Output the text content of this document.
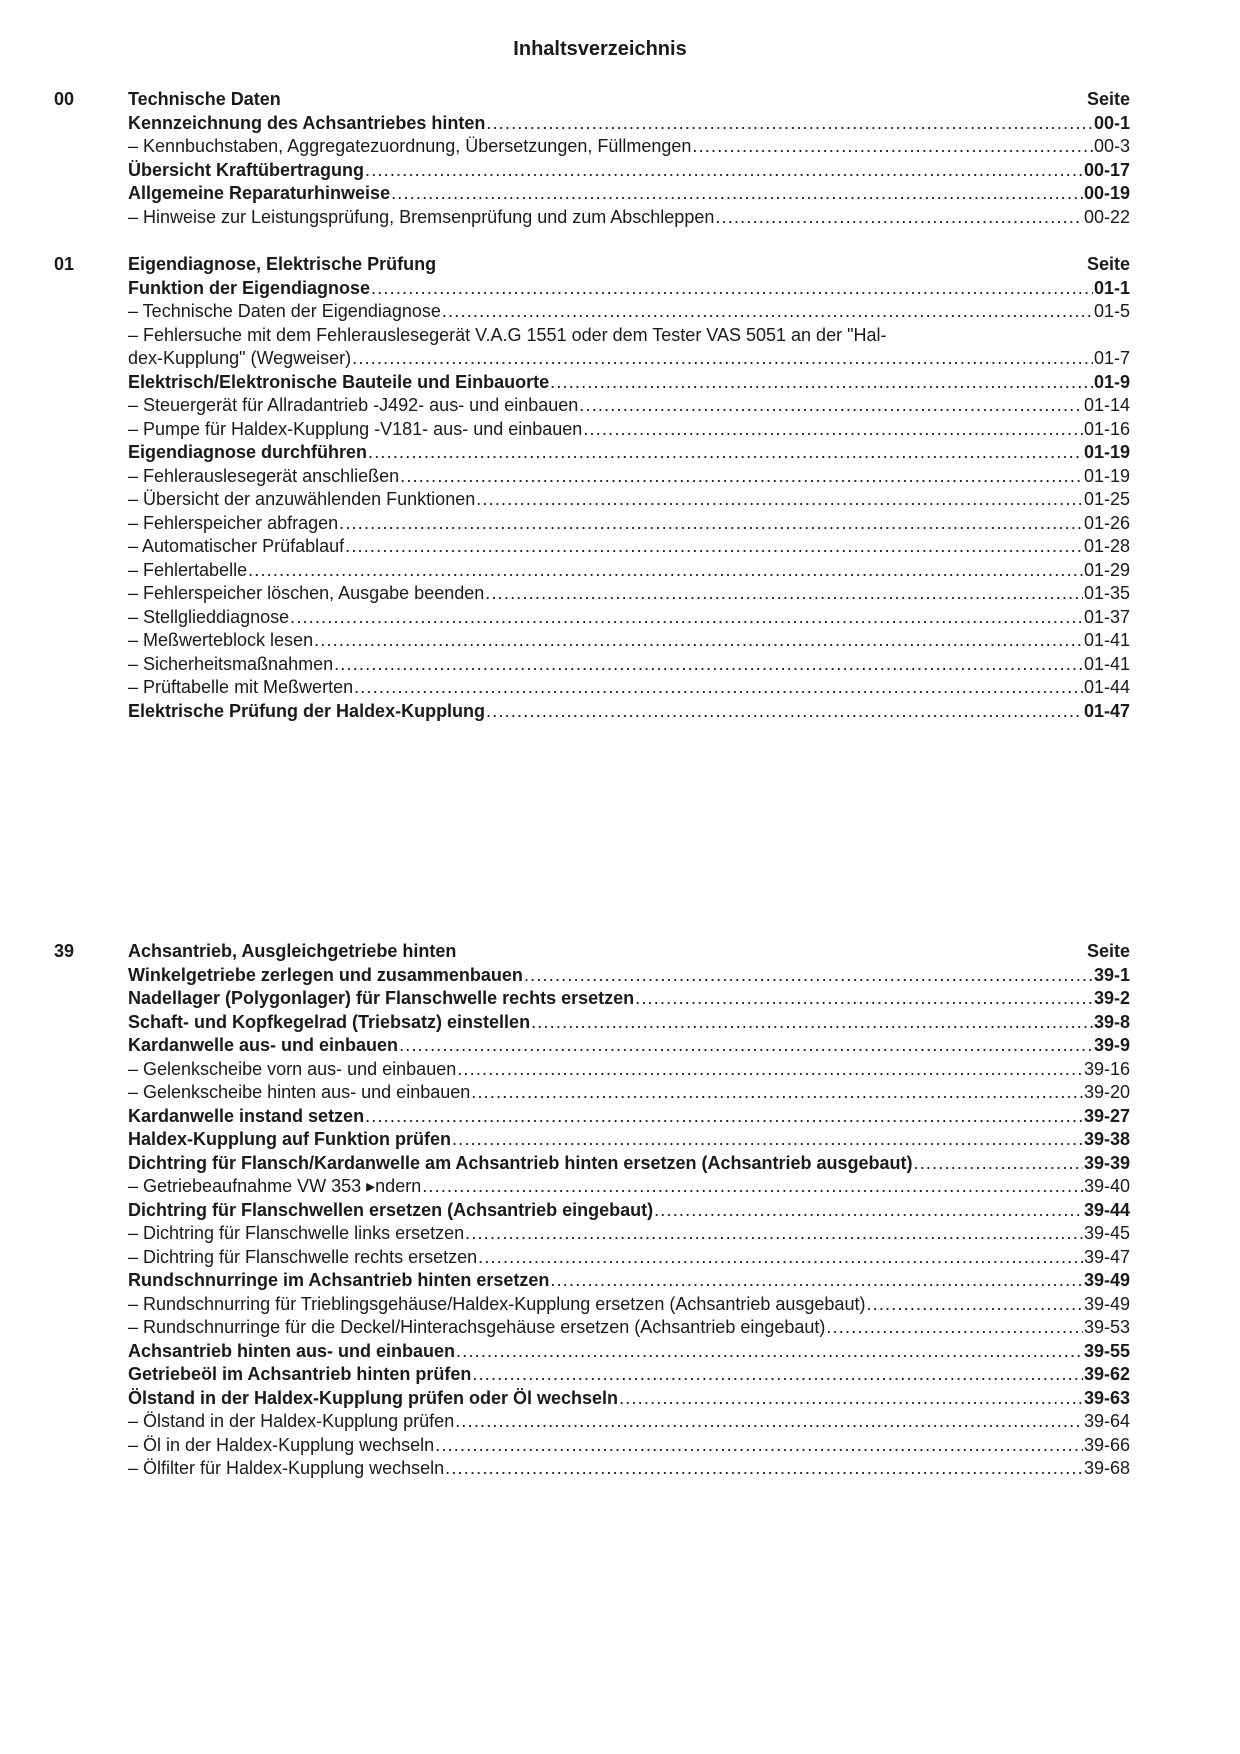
Inhaltsverzeichnis
00	Technische Daten	Seite
Kennzeichnung des Achsantriebes hinten .....	00-1
– Kennbuchstaben, Aggregatezuordnung, Übersetzungen, Füllmengen .....	00-3
Übersicht Kraftübertragung .....	00-17
Allgemeine Reparaturhinweise .....	00-19
– Hinweise zur Leistungsprüfung, Bremsenprüfung und zum Abschleppen .....	00-22
01	Eigendiagnose, Elektrische Prüfung	Seite
Funktion der Eigendiagnose .....	01-1
– Technische Daten der Eigendiagnose .....	01-5
– Fehlersuche mit dem Fehlerauslesegerät V.A.G 1551 oder dem Tester VAS 5051 an der "Hal-
dex-Kupplung" (Wegweiser) .....	01-7
Elektrisch/Elektronische Bauteile und Einbauorte .....	01-9
– Steuergerät für Allradantrieb -J492- aus- und einbauen .....	01-14
– Pumpe für Haldex-Kupplung -V181- aus- und einbauen .....	01-16
Eigendiagnose durchführen .....	01-19
– Fehlerauslesegerät anschließen .....	01-19
– Übersicht der anzuwählenden Funktionen .....	01-25
– Fehlerspeicher abfragen .....	01-26
– Automatischer Prüfablauf .....	01-28
– Fehlertabelle .....	01-29
– Fehlerspeicher löschen, Ausgabe beenden .....	01-35
– Stellglieddiagnose .....	01-37
– Meßwerteblock lesen .....	01-41
– Sicherheitsmaßnahmen .....	01-41
– Prüftabelle mit Meßwerten .....	01-44
Elektrische Prüfung der Haldex-Kupplung .....	01-47
39	Achsantrieb, Ausgleichgetriebe hinten	Seite
Winkelgetriebe zerlegen und zusammenbauen .....	39-1
Nadellager (Polygonlager) für Flanschwelle rechts ersetzen .....	39-2
Schaft- und Kopfkegelrad (Triebsatz) einstellen .....	39-8
Kardanwelle aus- und einbauen .....	39-9
– Gelenkscheibe vorn aus- und einbauen .....	39-16
– Gelenkscheibe hinten aus- und einbauen .....	39-20
Kardanwelle instand setzen .....	39-27
Haldex-Kupplung auf Funktion prüfen .....	39-38
Dichtring für Flansch/Kardanwelle am Achsantrieb hinten ersetzen (Achsantrieb ausgebaut) .....	39-39
– Getriebeaufnahme VW 353 ▸ndern .....	39-40
Dichtring für Flanschwellen ersetzen (Achsantrieb eingebaut) .....	39-44
– Dichtring für Flanschwelle links ersetzen .....	39-45
– Dichtring für Flanschwelle rechts ersetzen .....	39-47
Rundschnurringe im Achsantrieb hinten ersetzen .....	39-49
– Rundschnurring für Trieblingsgehäuse/Haldex-Kupplung ersetzen (Achsantrieb ausgebaut) .....	39-49
– Rundschnurringe für die Deckel/Hinterachsgehäuse ersetzen (Achsantrieb eingebaut) .....	39-53
Achsantrieb hinten aus- und einbauen .....	39-55
Getriebeöl im Achsantrieb hinten prüfen .....	39-62
Ölstand in der Haldex-Kupplung prüfen oder Öl wechseln .....	39-63
– Ölstand in der Haldex-Kupplung prüfen .....	39-64
– Öl in der Haldex-Kupplung wechseln .....	39-66
– Ölfilter für Haldex-Kupplung wechseln .....	39-68
